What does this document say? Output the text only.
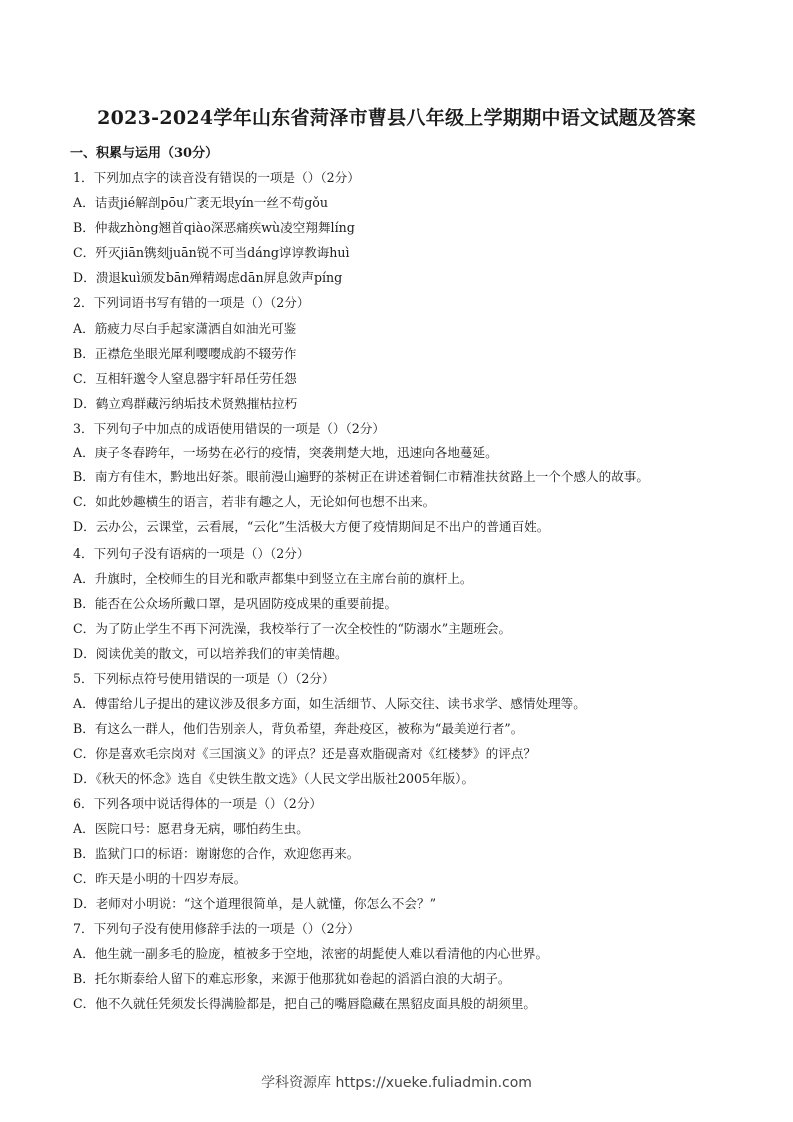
2023-2024学年山东省菏泽市曹县八年级上学期期中语文试题及答案
一、积累与运用（30分）
1．下列加点字的读音没有错误的一项是（）（2分）
A．诘责jié解剖pōu广袤无垠yín一丝不苟gǒu
B．仲裁zhòng翘首qiào深恶痛疾wù凌空翔舞líng
C．歼灭jiān镌刻juān锐不可当dáng谆谆教诲huì
D．溃退kuì颁发bān殚精竭虑dān屏息敛声píng
2．下列词语书写有错的一项是（）（2分）
A．筋疲力尽白手起家潇洒自如油光可鉴
B．正襟危坐眼光犀利嘤嘤成韵不辍劳作
C．互相轩邈令人窒息器宇轩昂任劳任怨
D．鹤立鸡群藏污纳垢技术贤熟摧枯拉朽
3．下列句子中加点的成语使用错误的一项是（）（2分）
A．庚子冬春跨年，一场势在必行的疫情，突袭荆楚大地，迅速向各地蔓延。
B．南方有佳木，黔地出好茶。眼前漫山遍野的茶树正在讲述着铜仁市精准扶贫路上一个个感人的故事。
C．如此妙趣横生的语言，若非有趣之人，无论如何也想不出来。
D．云办公，云课堂，云看展，“云化”生活极大方便了疫情期间足不出户的普通百姓。
4．下列句子没有语病的一项是（）（2分）
A．升旗时，全校师生的目光和歌声都集中到竖立在主席台前的旗杆上。
B．能否在公众场所戴口罩，是巩固防疫成果的重要前提。
C．为了防止学生不再下河洗澡，我校举行了一次全校性的“防溺水”主题班会。
D．阅读优美的散文，可以培养我们的审美情趣。
5．下列标点符号使用错误的一项是（）（2分）
A．傅雷给儿子提出的建议涉及很多方面，如生活细节、人际交往、读书求学、感情处理等。
B．有这么一群人，他们告别亲人，背负希望，奔赴疫区，被称为“最美逆行者”。
C．你是喜欢毛宗岗对《三国演义》的评点？还是喜欢脂砚斋对《红楼梦》的评点？
D．《秋天的怀念》选自《史铁生散文选》（人民文学出版社2005年版）。
6．下列各项中说话得体的一项是（）（2分）
A．医院口号：愿君身无病，哪怕药生虫。
B．监狱门口的标语：谢谢您的合作，欢迎您再来。
C．昨天是小明的十四岁寿辰。
D．老师对小明说：“这个道理很简单，是人就懂，你怎么不会？”
7．下列句子没有使用修辞手法的一项是（）（2分）
A．他生就一副多毛的脸庞，植被多于空地，浓密的胡髭使人难以看清他的内心世界。
B．托尔斯泰给人留下的难忘形象，来源于他那犹如卷起的滔滔白浪的大胡子。
C．他不久就任凭须发长得满脸都是，把自己的嘴唇隐藏在黑貂皮面具般的胡须里。
学科资源库 https://xueke.fuliadmin.com
